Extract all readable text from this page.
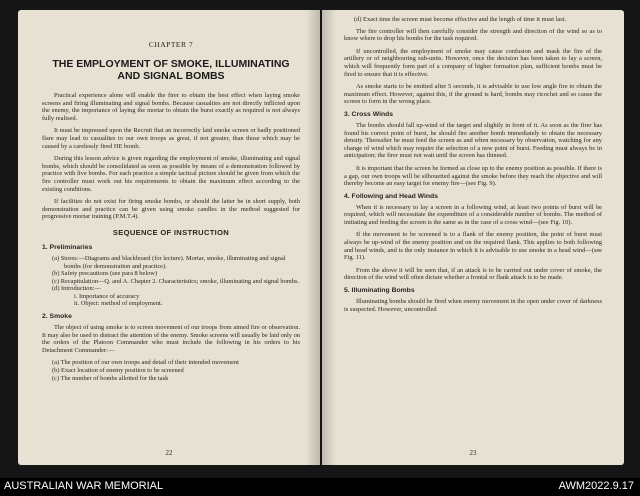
CHAPTER 7
THE EMPLOYMENT OF SMOKE, ILLUMINATING AND SIGNAL BOMBS

Practical experience alone will enable the firer to obtain the best effect when laying smoke screens and firing illuminating and signal bombs. Because casualties are not directly inflicted upon the enemy, the importance of laying the mortar to obtain the burst exactly as required is not always fully realised.

It must be impressed upon the Recruit that an incorrectly laid smoke screen or badly positioned flare may lead to casualties to our own troops as great, if not greater, than those which may be caused by a carelessly fired HE bomb.

During this lesson advice is given regarding the employment of smoke, illuminating and signal bombs, which should be consolidated as soon as possible by means of a demonstration followed by practice with live bombs. For each practice a simple tactical picture should be given from which the fire controller must work out his requirements to obtain the maximum effect according to the existing conditions.

If facilities do not exist for firing smoke bombs, or should the latter be in short supply, both demonstration and practice can be given using smoke candles in the method suggested for progressive mortar training (P.M.T.4).

SEQUENCE OF INSTRUCTION
1. Preliminaries
(a) Stores:—Diagrams and blackboard (for lecture). Mortar, smoke, illuminating and signal bombs (for demonstration and practice).
(b) Safety precautions (see para 8 below)
(c) Recapitulation—Q. and A. Chapter 2. Characteristics; smoke, illuminating and signal bombs.
(d) Introduction:—
i. Importance of accuracy
ii. Object: method of employment.
2. Smoke

The object of using smoke is to screen movement of our troops from aimed fire or observation. It may also be used to distract the attention of the enemy. Smoke screens will usually be laid only on the orders of the Platoon Commander who must include the following in his orders to his Detachment Commander:—

(a) The position of our own troops and detail of their intended movement
(b) Exact location of enemy position to be screened
(c) The number of bombs allotted for the task
22
(d) Exact time the screen must become effective and the length of time it must last.

The fire controller will then carefully consider the strength and direction of the wind so as to know where to drop his bombs for the task required.

If uncontrolled, the employment of smoke may cause confusion and mask the fire of the artillery or of neighbouring sub-units. However, once the decision has been taken to lay a screen, which will frequently form part of a company of higher formation plan, sufficient bombs must be fired to ensure that it is effective.

As smoke starts to be emitted after 5 seconds, it is advisable to use low angle fire to obtain the maximum effect. However, against this, if the ground is hard, bombs may ricochet and so cause the screen to form in the wrong place.

3. Cross Winds

The bombs should fall up-wind of the target and slightly in front of it. As soon as the firer has found his correct point of burst, he should fire another bomb immediately to obtain the necessary density. Thereafter he must feed the screen as and when necessary by observation, watching for any change of wind which may require the selection of a new point of burst. Feeding must always be in anticipation; the firer must not wait until the screen has thinned.

It is important that the screen be formed as close up to the enemy position as possible. If there is a gap, our own troops will be silhouetted against the smoke before they reach the objective and will thereby become an easy target for enemy fire—(see Fig. 9).

4. Following and Head Winds

When it is necessary to lay a screen in a following wind, at least two points of burst will be required, which will necessitate the expenditure of a considerable number of bombs. The method of initiating and feeding the screen is the same as in the case of a cross wind—(see Fig. 10).

If the movement to be screened is to a flank of the enemy position, the point of burst must always be up-wind of the enemy position and on the required flank. This applies to both following and head winds, and is the only instance in which it is advisable to use smoke in a head wind—(see Fig. 11).

From the above it will be seen that, if an attack is to be carried out under cover of smoke, the direction of the wind will often dictate whether a frontal or flank attack is to be made.

5. Illuminating Bombs

Illuminating bombs should be fired when enemy movement in the open under cover of darkness is suspected. However, uncontrolled

23
AUSTRALIAN WAR MEMORIAL	AWM2022.9.17
